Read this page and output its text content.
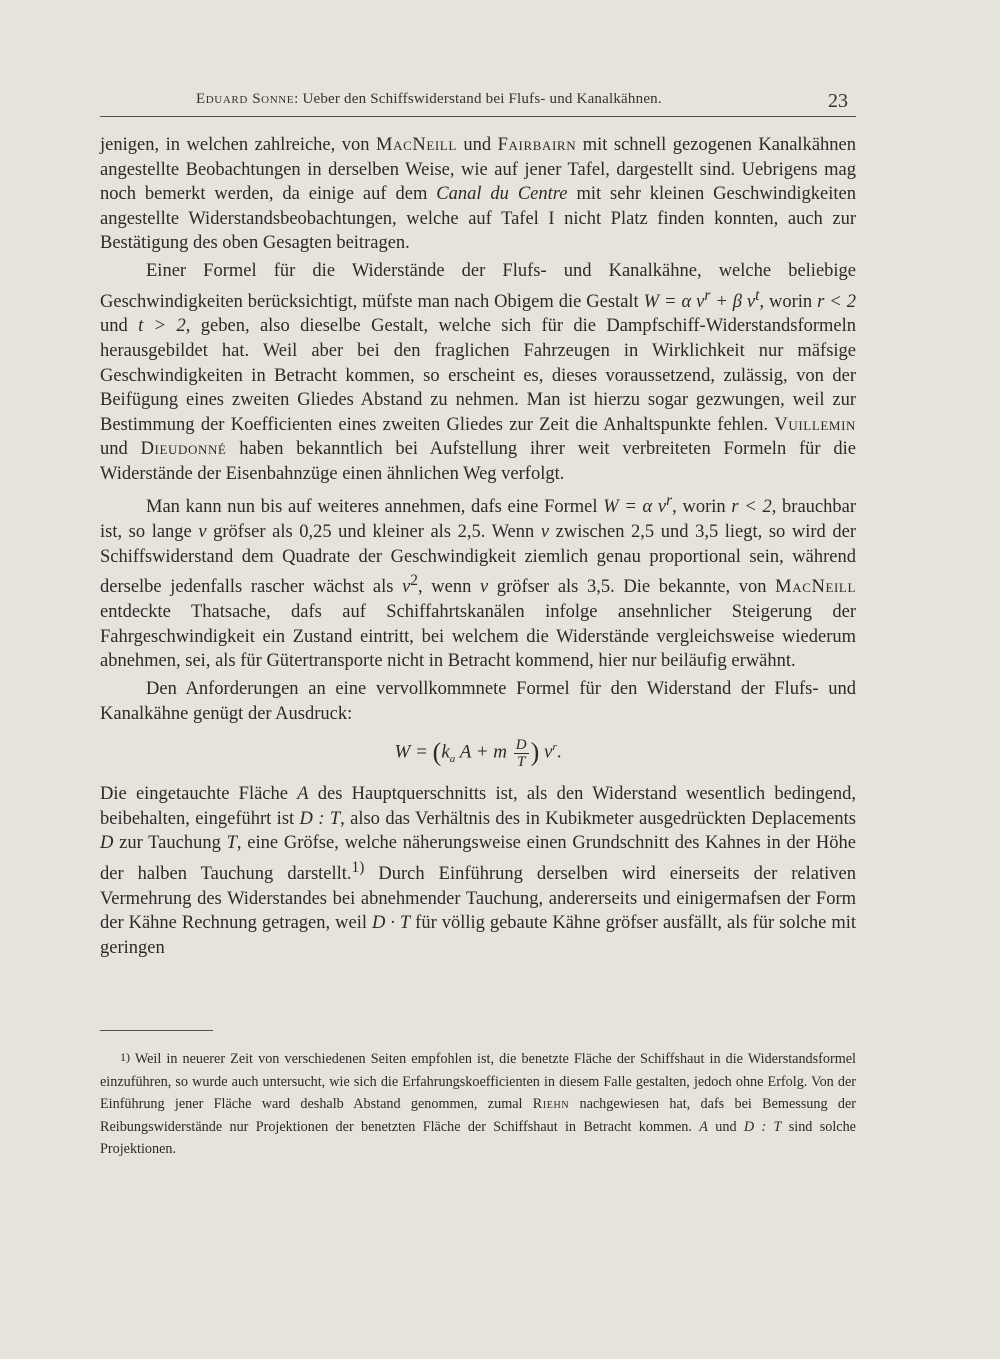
Eduard Sonne: Ueber den Schiffswiderstand bei Flufs- und Kanalkähnen.	23

jenigen, in welchen zahlreiche, von MacNeill und Fairbairn mit schnell gezogenen Kanalkähnen angestellte Beobachtungen in derselben Weise, wie auf jener Tafel, dargestellt sind. Uebrigens mag noch bemerkt werden, da einige auf dem Canal du Centre mit sehr kleinen Geschwindigkeiten angestellte Widerstandsbeobachtungen, welche auf Tafel I nicht Platz finden konnten, auch zur Bestätigung des oben Gesagten beitragen.

Einer Formel für die Widerstände der Flufs- und Kanalkähne, welche beliebige Geschwindigkeiten berücksichtigt, müfste man nach Obigem die Gestalt W = α $v^r + \beta$ $v^t$, worin r < 2 und t > 2, geben, also dieselbe Gestalt, welche sich für die Dampfschiff-Widerstandsformeln herausgebildet hat. Weil aber bei den fraglichen Fahrzeugen in Wirklichkeit nur mäfsige Geschwindigkeiten in Betracht kommen, so erscheint es, dieses voraussetzend, zulässig, von der Beifügung eines zweiten Gliedes Abstand zu nehmen. Man ist hierzu sogar gezwungen, weil zur Bestimmung der Koefficienten eines zweiten Gliedes zur Zeit die Anhaltspunkte fehlen. Vuillemin und Dieudonné haben bekanntlich bei Aufstellung ihrer weit verbreiteten Formeln für die Widerstände der Eisenbahnzüge einen ähnlichen Weg verfolgt.

Man kann nun bis auf weiteres annehmen, dafs eine Formel W = α $v^r$, worin r < 2, brauchbar ist, so lange v gröfser als 0,25 und kleiner als 2,5. Wenn v zwischen 2,5 und 3,5 liegt, so wird der Schiffswiderstand dem Quadrate der Geschwindigkeit ziemlich genau proportional sein, während derselbe jedenfalls rascher wächst als $v^2$, wenn v gröfser als 3,5. Die bekannte, von MacNeill entdeckte Thatsache, dafs auf Schiffahrtskanälen infolge ansehnlicher Steigerung der Fahrgeschwindigkeit ein Zustand eintritt, bei welchem die Widerstände vergleichsweise wiederum abnehmen, sei, als für Gütertransporte nicht in Betracht kommend, hier nur beiläufig erwähnt.

Den Anforderungen an eine vervollkommnete Formel für den Widerstand der Flufs- und Kanalkähne genügt der Ausdruck:

$W = (k_a$ A + m $\frac{D}{T}$ ) $v^r$.

Die eingetauchte Fläche A des Hauptquerschnitts ist, als den Widerstand wesentlich bedingend, beibehalten, eingeführt ist D : T, also das Verhältnis des in Kubikmeter ausgedrückten Deplacements D zur Tauchung T, eine Gröfse, welche näherungsweise einen Grundschnitt des Kahnes in der Höhe der halben Tauchung darstellt.$^{1)}$ Durch Einführung derselben wird einerseits der relativen Vermehrung des Widerstandes bei abnehmender Tauchung, andererseits und einigermafsen der Form der Kähne Rechnung getragen, weil D · T für völlig gebaute Kähne gröfser ausfällt, als für solche mit geringen

1) Weil in neuerer Zeit von verschiedenen Seiten empfohlen ist, die benetzte Fläche der Schiffshaut in die Widerstandsformel einzuführen, so wurde auch untersucht, wie sich die Erfahrungskoefficienten in diesem Falle gestalten, jedoch ohne Erfolg. Von der Einführung jener Fläche ward deshalb Abstand genommen, zumal Riehn nachgewiesen hat, dafs bei Bemessung der Reibungswiderstände nur Projektionen der benetzten Fläche der Schiffshaut in Betracht kommen. A und D : T sind solche Projektionen.
